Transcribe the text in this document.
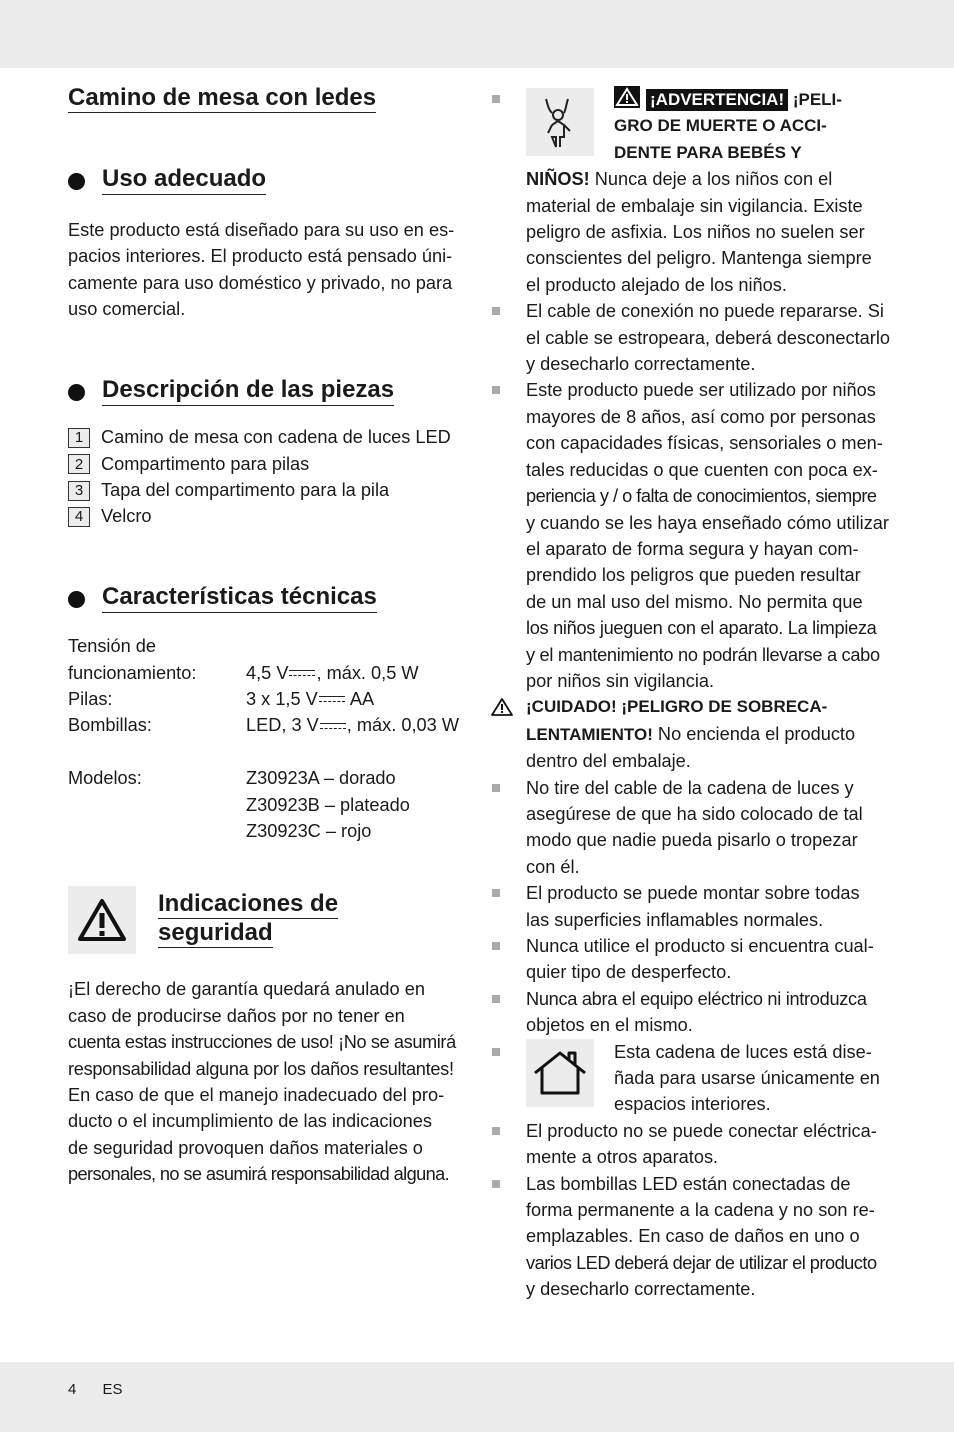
Camino de mesa con ledes
Uso adecuado

Este producto está diseñado para su uso en es-

pacios interiores. El producto está pensado úni-

camente para uso doméstico y privado, no para

uso comercial.

Descripción de las piezas
1 Camino de mesa con cadena de luces LED
2 Compartimento para pilas
3 Tapa del compartimento para la pila
4 Velcro
Características técnicas
Tensión de
funcionamiento:	4,5 V , máx. 0,5 W
Pilas:	3 x 1,5 V AA
Bombillas:	LED, 3 V , máx. 0,03 W
Modelos:	Z30923A – dorado
Z30923B – plateado
Z30923C – rojo
Indicaciones de
seguridad

¡El derecho de garantía quedará anulado en

caso de producirse daños por no tener en

cuenta estas instrucciones de uso! ¡No se asumirá

responsabilidad alguna por los daños resultantes!

En caso de que el manejo inadecuado del pro-

ducto o el incumplimiento de las indicaciones

de seguridad provoquen daños materiales o

personales, no se asumirá responsabilidad alguna.

¡ADVERTENCIA! ¡PELI-
GRO DE MUERTE O ACCI-
DENTE PARA BEBÉS Y

NIÑOS! Nunca deje a los niños con el

material de embalaje sin vigilancia. Existe

peligro de asfixia. Los niños no suelen ser

conscientes del peligro. Mantenga siempre

el producto alejado de los niños.

El cable de conexión no puede repararse. Si

el cable se estropeara, deberá desconectarlo

y desecharlo correctamente.

Este producto puede ser utilizado por niños

mayores de 8 años, así como por personas

con capacidades físicas, sensoriales o men-

tales reducidas o que cuenten con poca ex-

periencia y / o falta de conocimientos, siempre

y cuando se les haya enseñado cómo utilizar

el aparato de forma segura y hayan com-

prendido los peligros que pueden resultar

de un mal uso del mismo. No permita que

los niños jueguen con el aparato. La limpieza

y el mantenimiento no podrán llevarse a cabo

por niños sin vigilancia.

¡CUIDADO! ¡PELIGRO DE SOBRECA-

LENTAMIENTO! No encienda el producto

dentro del embalaje.

No tire del cable de la cadena de luces y

asegúrese de que ha sido colocado de tal

modo que nadie pueda pisarlo o tropezar

con él.

El producto se puede montar sobre todas

las superficies inflamables normales.

Nunca utilice el producto si encuentra cual-

quier tipo de desperfecto.

Nunca abra el equipo eléctrico ni introduzca

objetos en el mismo.

Esta cadena de luces está dise-

ñada para usarse únicamente en

espacios interiores.

El producto no se puede conectar eléctrica-

mente a otros aparatos.

Las bombillas LED están conectadas de

forma permanente a la cadena y no son re-

emplazables. En caso de daños en uno o

varios LED deberá dejar de utilizar el producto

y desecharlo correctamente.

4 ES
